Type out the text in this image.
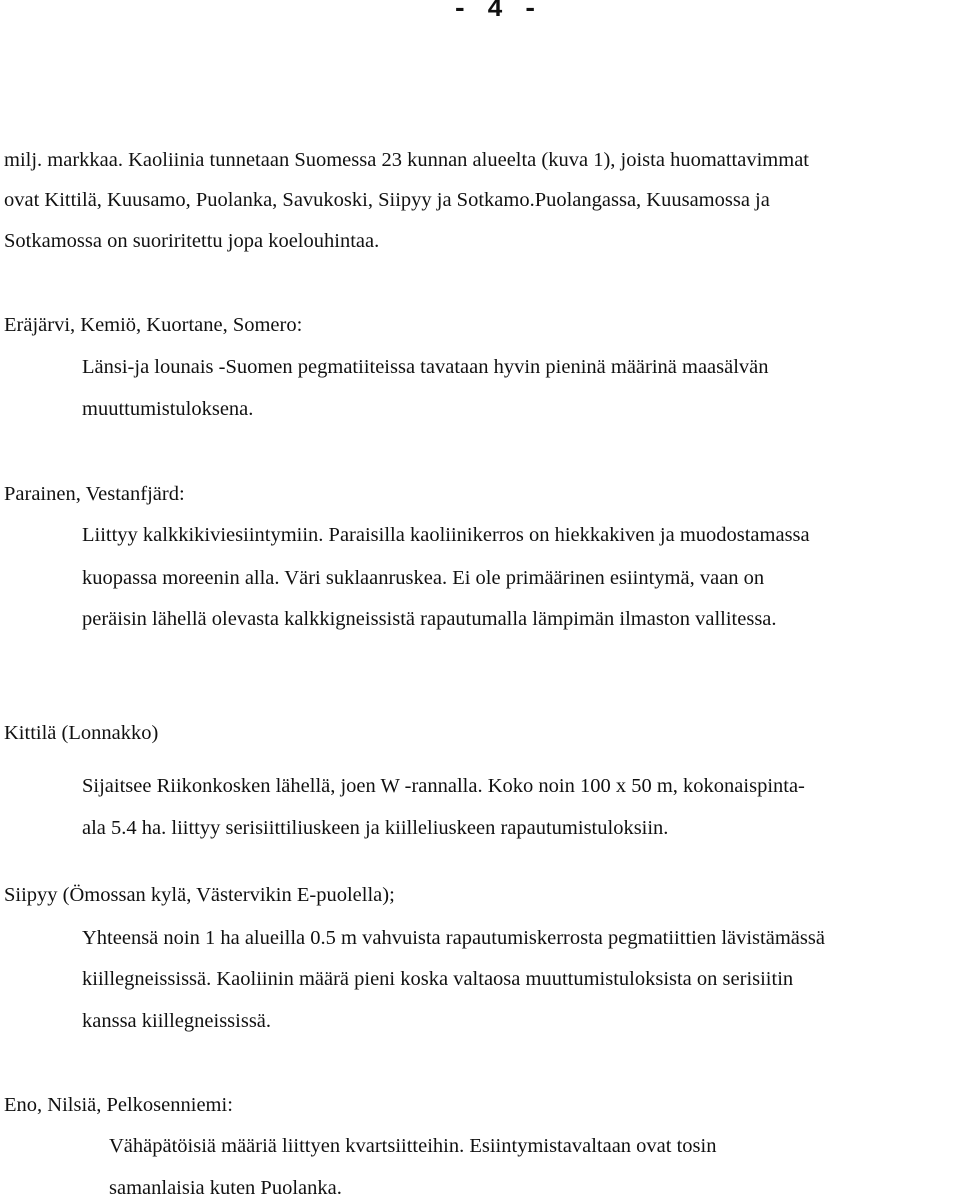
- 4 -
milj. markkaa. Kaoliinia tunnetaan Suomessa 23 kunnan alueelta (kuva 1), joista huomattavimmat
ovat Kittilä, Kuusamo, Puolanka, Savukoski, Siipyy ja Sotkamo.Puolangassa, Kuusamossa ja
Sotkamossa on suoriritettu jopa koelouhintaa.
Eräjärvi, Kemiö, Kuortane, Somero:
Länsi-ja lounais -Suomen pegmatiiteissa tavataan hyvin pieninä määrinä maasälvän
muuttumistuloksena.
Parainen, Vestanfjärd:
Liittyy kalkkikiviesiintymiin. Paraisilla kaoliinikerros on hiekkakiven ja muodostamassa
kuopassa moreenin alla. Väri suklaanruskea. Ei ole primäärinen esiintymä, vaan on
peräisin lähellä olevasta kalkkigneissistä rapautumalla lämpimän ilmaston vallitessa.
Kittilä (Lonnakko)
Sijaitsee Riikonkosken lähellä, joen W -rannalla. Koko noin 100 x 50 m, kokonaispinta-
ala 5.4 ha. liittyy serisiittiliuskeen ja kiilleliuskeen rapautumistuloksiin.
Siipyy (Ömossan kylä, Västervikin E-puolella);
Yhteensä noin 1 ha alueilla 0.5 m vahvuista rapautumiskerrosta pegmatiittien lävistämässä
kiillegneississä. Kaoliinin määrä pieni koska valtaosa muuttumistuloksista on serisiitin
kanssa kiillegneississä.
Eno, Nilsiä, Pelkosenniemi:
Vähäpätöisiä määriä liittyen kvartsiitteihin. Esiintymistavaltaan ovat tosin
samanlaisia kuten Puolanka.
